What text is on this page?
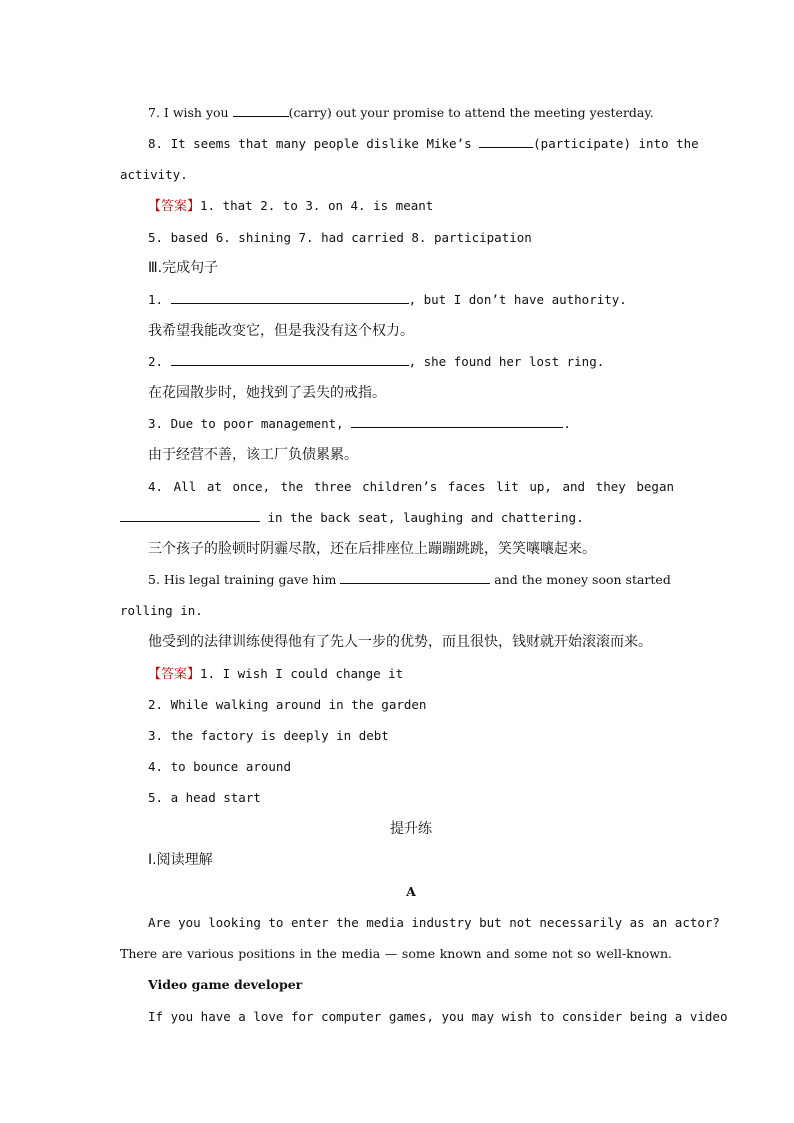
7. I wish you	(carry) out your promise to attend the meeting yesterday.
8. It seems that many people dislike Mike’s	(participate) into the
activity.
【答案】1. that 2. to 3. on 4. is meant
5. based 6. shining 7. had carried 8. participation
Ⅲ.完成句子
1.	, but I don’t have authority.
我希望我能改变它，但是我没有这个权力。
2.	, she found her lost ring.
在花园散步时，她找到了丢失的戒指。
3. Due to poor management,	.
由于经营不善，该工厂负债累累。
4. All at once, the three children’s faces lit up, and they began
in the back seat, laughing and chattering.
三个孩子的脸顿时阴霾尽散，还在后排座位上蹦蹦跳跳，笑笑嚷嚷起来。
5. His legal training gave him	and the money soon started
rolling in.
他受到的法律训练使得他有了先人一步的优势，而且很快，钱财就开始滚滚而来。
【答案】1. I wish I could change it
2. While walking around in the garden
3. the factory is deeply in debt
4. to bounce around
5. a head start
提升练
Ⅰ.阅读理解
A
Are you looking to enter the media industry but not necessarily as an actor?
There are various positions in the media — some known and some not so well-known.
Video game developer
If you have a love for computer games, you may wish to consider being a video
